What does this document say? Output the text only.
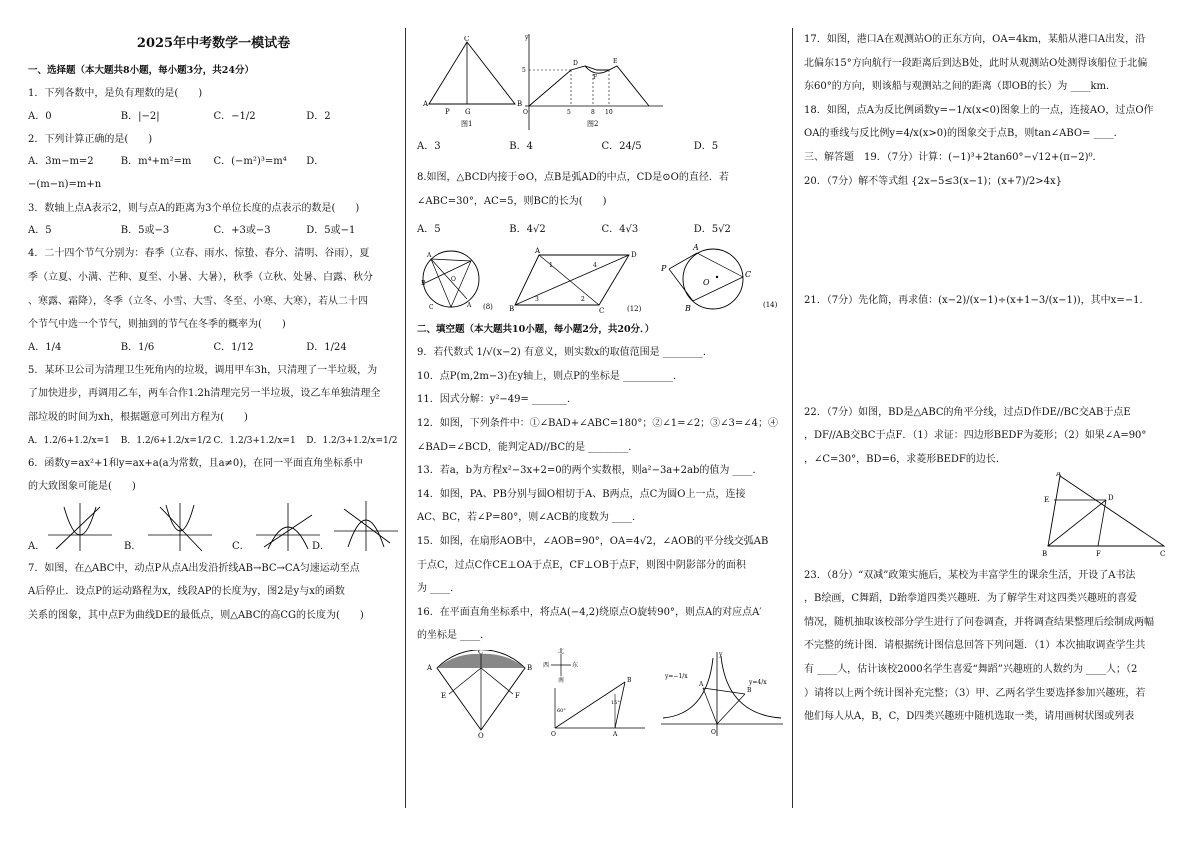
2025年中考数学一模试卷

一、选择题（本大题共8小题，每小题3分，共24分）

1．下列各数中，是负有理数的是(　　)

A．0	B．|−2|	C．−1/2	D．2

2．下列计算正确的是(　　)

A．3m−m=2	B．m⁴+m²=m	C．(−m²)³=m⁴	D．

−(m−n)=m+n

3．数轴上点A表示2，则与点A的距离为3个单位长度的点表示的数是(　　)

A．5	B．5或−3	C．+3或−3	D．5或−1

4．二十四个节气分别为：春季（立春、雨水、惊蛰、春分、清明、谷雨），夏

季（立夏、小满、芒种、夏至、小暑、大暑），秋季（立秋、处暑、白露、秋分

、寒露、霜降），冬季（立冬、小雪、大雪、冬至、小寒、大寒），若从二十四

个节气中选一个节气，则抽到的节气在冬季的概率为(　　)

A．1/4	B．1/6	C．1/12	D．1/24

5．某环卫公司为清理卫生死角内的垃圾，调用甲车3h，只清理了一半垃圾，为

了加快进步，再调用乙车，两车合作1.2h清理完另一半垃圾，设乙车单独清理全

部垃圾的时间为xh，根据题意可列出方程为(　　)

A．1.2/6+1.2/x=1	B．1.2/6+1.2/x=1/2 C．1.2/3+1.2/x=1	D．1.2/3+1.2/x=1/2

6．函数y=ax²+1和y=ax+a(a为常数，且a≠0)，在同一平面直角坐标系中

的大致图象可能是(　　)

A．	B．	C．	D．

7．如图，在△ABC中，动点P从点A出发沿折线AB→BC→CA匀速运动至点

A后停止．设点P的运动路程为x，线段AP的长度为y，图2是y与x的函数

关系的图象，其中点F为曲线DE的最低点，则△ABC的高CG的长度为(　　)

C
A	B
G
P
图1
y
5
O	5	8 10
D
F
E
图2
A．3	B．4	C．24/5	D．5

8.如图，△BCD内接于⊙O，点B是弧AD的中点，CD是⊙O的直径．若

∠ABC=30°，AC=5，则BC的长为(　　)

A．5	B．4√2	C．4√3	D．5√2
O
A
B
C	A (8)
A	D
B	C
1	4
3	2
(12)
P
A
B
C
O
(14)

二、填空题（本大题共10小题，每小题2分，共20分．）

9．若代数式 1/√(x−2) 有意义，则实数x的取值范围是 ________．

10．点P(m,2m−3)在y轴上，则点P的坐标是 __________．

11．因式分解：y²−49= _______．

12．如图，下列条件中：①∠BAD+∠ABC=180°；②∠1=∠2；③∠3=∠4；④

∠BAD=∠BCD，能判定AD//BC的是 ________．

13．若a，b为方程x²−3x+2=0的两个实数根，则a²−3a+2ab的值为 ____．

14．如图，PA、PB分别与圆O相切于A、B两点，点C为圆O上一点，连接

AC、BC，若∠P=80°，则∠ACB的度数为 ____．

15．如图，在扇形AOB中，∠AOB=90°，OA=4√2，∠AOB的平分线交弧AB

于点C，过点C作CE⊥OA于点E，CF⊥OB于点F，则图中阴影部分的面积

为 ____．

16．在平面直角坐标系中，将点A(−4,2)绕原点O旋转90°，则点A的对应点A′

的坐标是 ____．

A	B
C
E	F
O
北
西	东
南
60°
15°
O	A
B
y=−1/x
y=4/x
A
B
O
y

17．如图，港口A在观测站O的正东方向，OA=4km，某船从港口A出发，沿

北偏东15°方向航行一段距离后到达B处，此时从观测站O处测得该船位于北偏

东60°的方向，则该船与观测站之间的距离（即OB的长）为 ____km．

18．如图，点A为反比例函数y=−1/x(x<0)图象上的一点，连接AO，过点O作

OA的垂线与反比例y=4/x(x>0)的图象交于点B，则tan∠ABO= ____．

三、解答题　19．（7分）计算：(−1)³+2tan60°−√12+(π−2)⁰．

20．（7分）解不等式组 {2x−5≤3(x−1)；(x+7)/2>4x}

21．（7分）先化简，再求值：(x−2)/(x−1)÷(x+1−3/(x−1))，其中x=−1．

22．（7分）如图，BD是△ABC的角平分线，过点D作DE//BC交AB于点E

，DF//AB交BC于点F．（1）求证：四边形BEDF为菱形；（2）如果∠A=90°

，∠C=30°，BD=6，求菱形BEDF的边长．

A
E	D
B	F	C

23．（8分）“双减”政策实施后，某校为丰富学生的课余生活，开设了A书法

，B绘画，C舞蹈，D跆拳道四类兴趣班．为了解学生对这四类兴趣班的喜爱

情况，随机抽取该校部分学生进行了问卷调查，并将调查结果整理后绘制成两幅

不完整的统计图．请根据统计图信息回答下列问题．（1）本次抽取调查学生共

有 ____人，估计该校2000名学生喜爱“舞蹈”兴趣班的人数约为 ____人；（2

）请将以上两个统计图补充完整；（3）甲、乙两名学生要选择参加兴趣班，若

他们每人从A，B，C，D四类兴趣班中随机选取一类，请用画树状图或列表
